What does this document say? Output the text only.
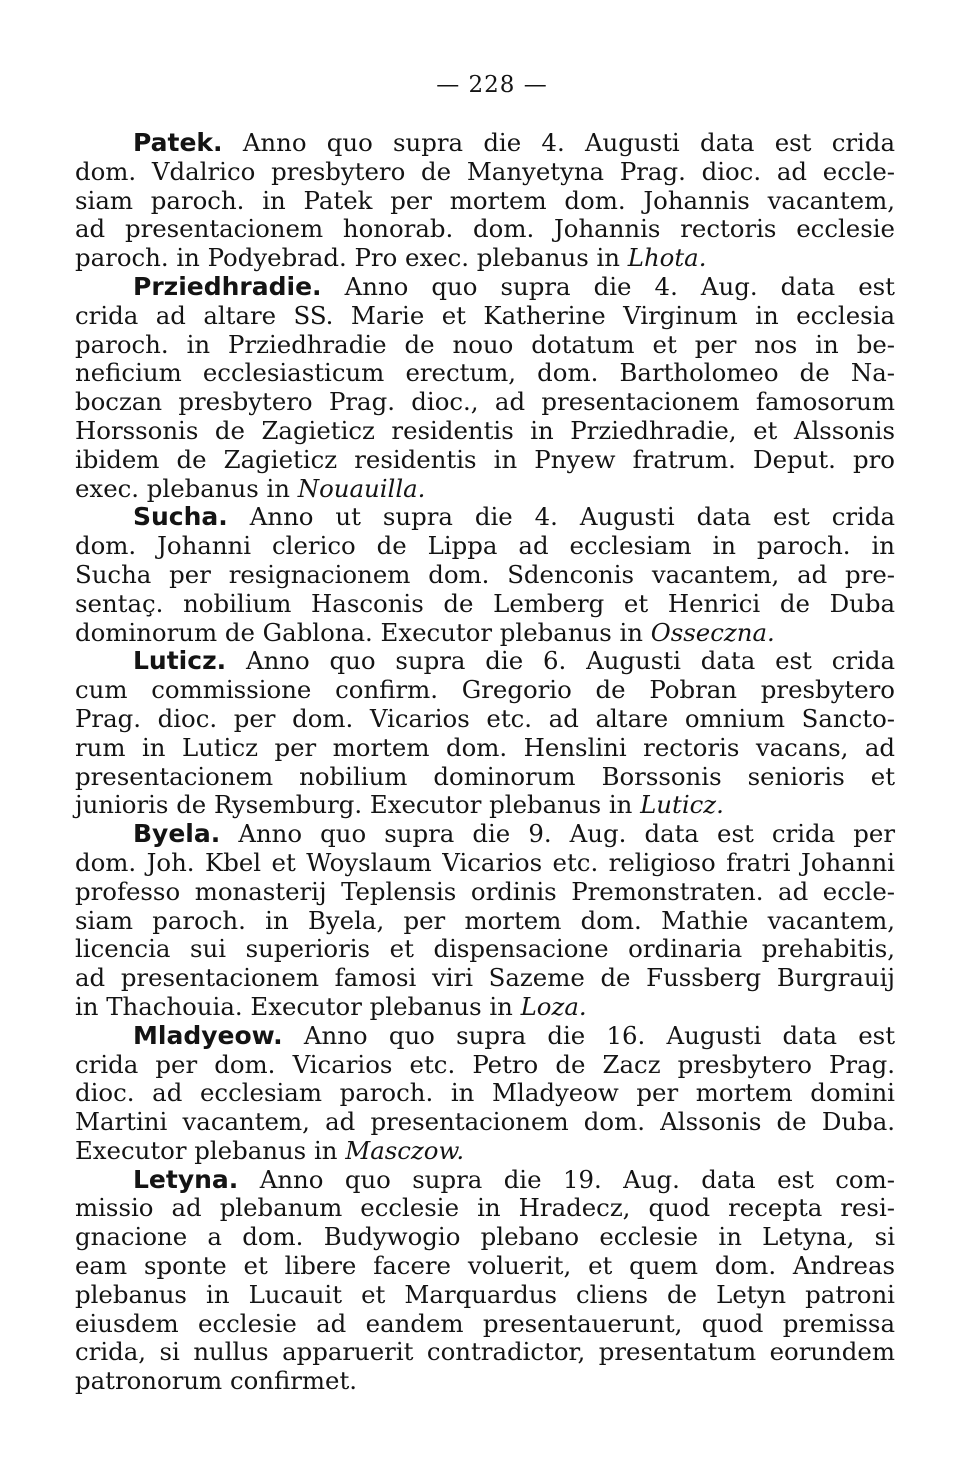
— 228 —
Patek. Anno quo supra die 4. Augusti data est crida
dom. Vdalrico presbytero de Manyetyna Prag. dioc. ad eccle-
siam paroch. in Patek per mortem dom. Johannis vacantem,
ad presentacionem honorab. dom. Johannis rectoris ecclesie
paroch. in Podyebrad. Pro exec. plebanus in Lhota.
Prziedhradie. Anno quo supra die 4. Aug. data est
crida ad altare SS. Marie et Katherine Virginum in ecclesia
paroch. in Prziedhradie de nouo dotatum et per nos in be-
neficium ecclesiasticum erectum, dom. Bartholomeo de Na-
boczan presbytero Prag. dioc., ad presentacionem famosorum
Horssonis de Zagieticz residentis in Prziedhradie, et Alssonis
ibidem de Zagieticz residentis in Pnyew fratrum. Deput. pro
exec. plebanus in Nouauilla.
Sucha. Anno ut supra die 4. Augusti data est crida
dom. Johanni clerico de Lippa ad ecclesiam in paroch. in
Sucha per resignacionem dom. Sdenconis vacantem, ad pre-
sentaç. nobilium Hasconis de Lemberg et Henrici de Duba
dominorum de Gablona. Executor plebanus in Osseczna.
Luticz. Anno quo supra die 6. Augusti data est crida
cum commissione confirm. Gregorio de Pobran presbytero
Prag. dioc. per dom. Vicarios etc. ad altare omnium Sancto-
rum in Luticz per mortem dom. Henslini rectoris vacans, ad
presentacionem nobilium dominorum Borssonis senioris et
junioris de Rysemburg. Executor plebanus in Luticz.
Byela. Anno quo supra die 9. Aug. data est crida per
dom. Joh. Kbel et Woyslaum Vicarios etc. religioso fratri Johanni
professo monasterij Teplensis ordinis Premonstraten. ad eccle-
siam paroch. in Byela, per mortem dom. Mathie vacantem,
licencia sui superioris et dispensacione ordinaria prehabitis,
ad presentacionem famosi viri Sazeme de Fussberg Burgrauij
in Thachouia. Executor plebanus in Loza.
Mladyeow. Anno quo supra die 16. Augusti data est
crida per dom. Vicarios etc. Petro de Zacz presbytero Prag.
dioc. ad ecclesiam paroch. in Mladyeow per mortem domini
Martini vacantem, ad presentacionem dom. Alssonis de Duba.
Executor plebanus in Masczow.
Letyna. Anno quo supra die 19. Aug. data est com-
missio ad plebanum ecclesie in Hradecz, quod recepta resi-
gnacione a dom. Budywogio plebano ecclesie in Letyna, si
eam sponte et libere facere voluerit, et quem dom. Andreas
plebanus in Lucauit et Marquardus cliens de Letyn patroni
eiusdem ecclesie ad eandem presentauerunt, quod premissa
crida, si nullus apparuerit contradictor, presentatum eorundem
patronorum confirmet.
